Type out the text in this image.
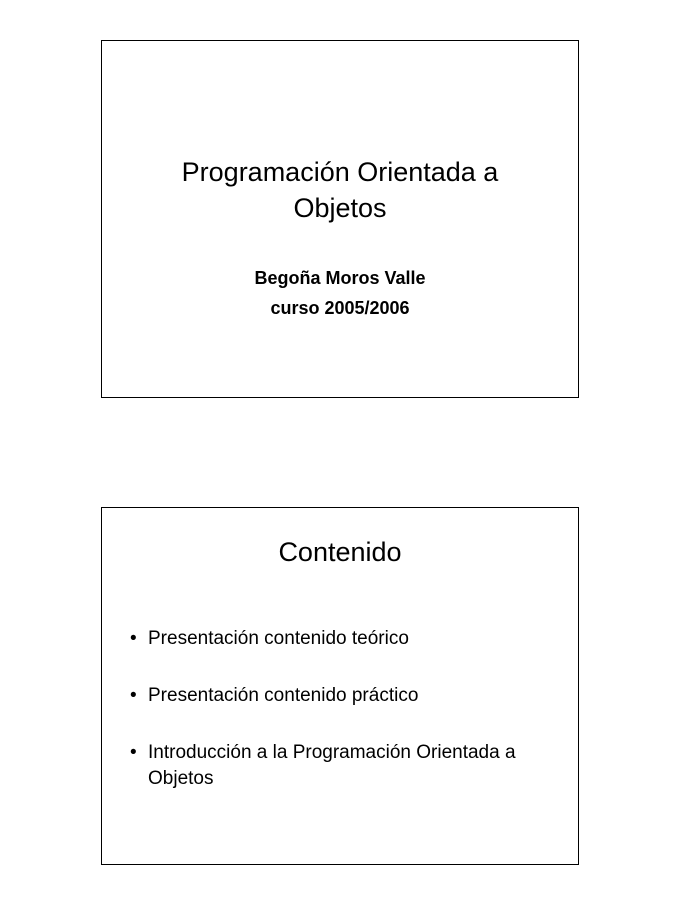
Programación Orientada a
Objetos
Begoña Moros Valle
curso 2005/2006
Contenido
• Presentación contenido teórico
• Presentación contenido práctico
• Introducción a la Programación Orientada a Objetos
